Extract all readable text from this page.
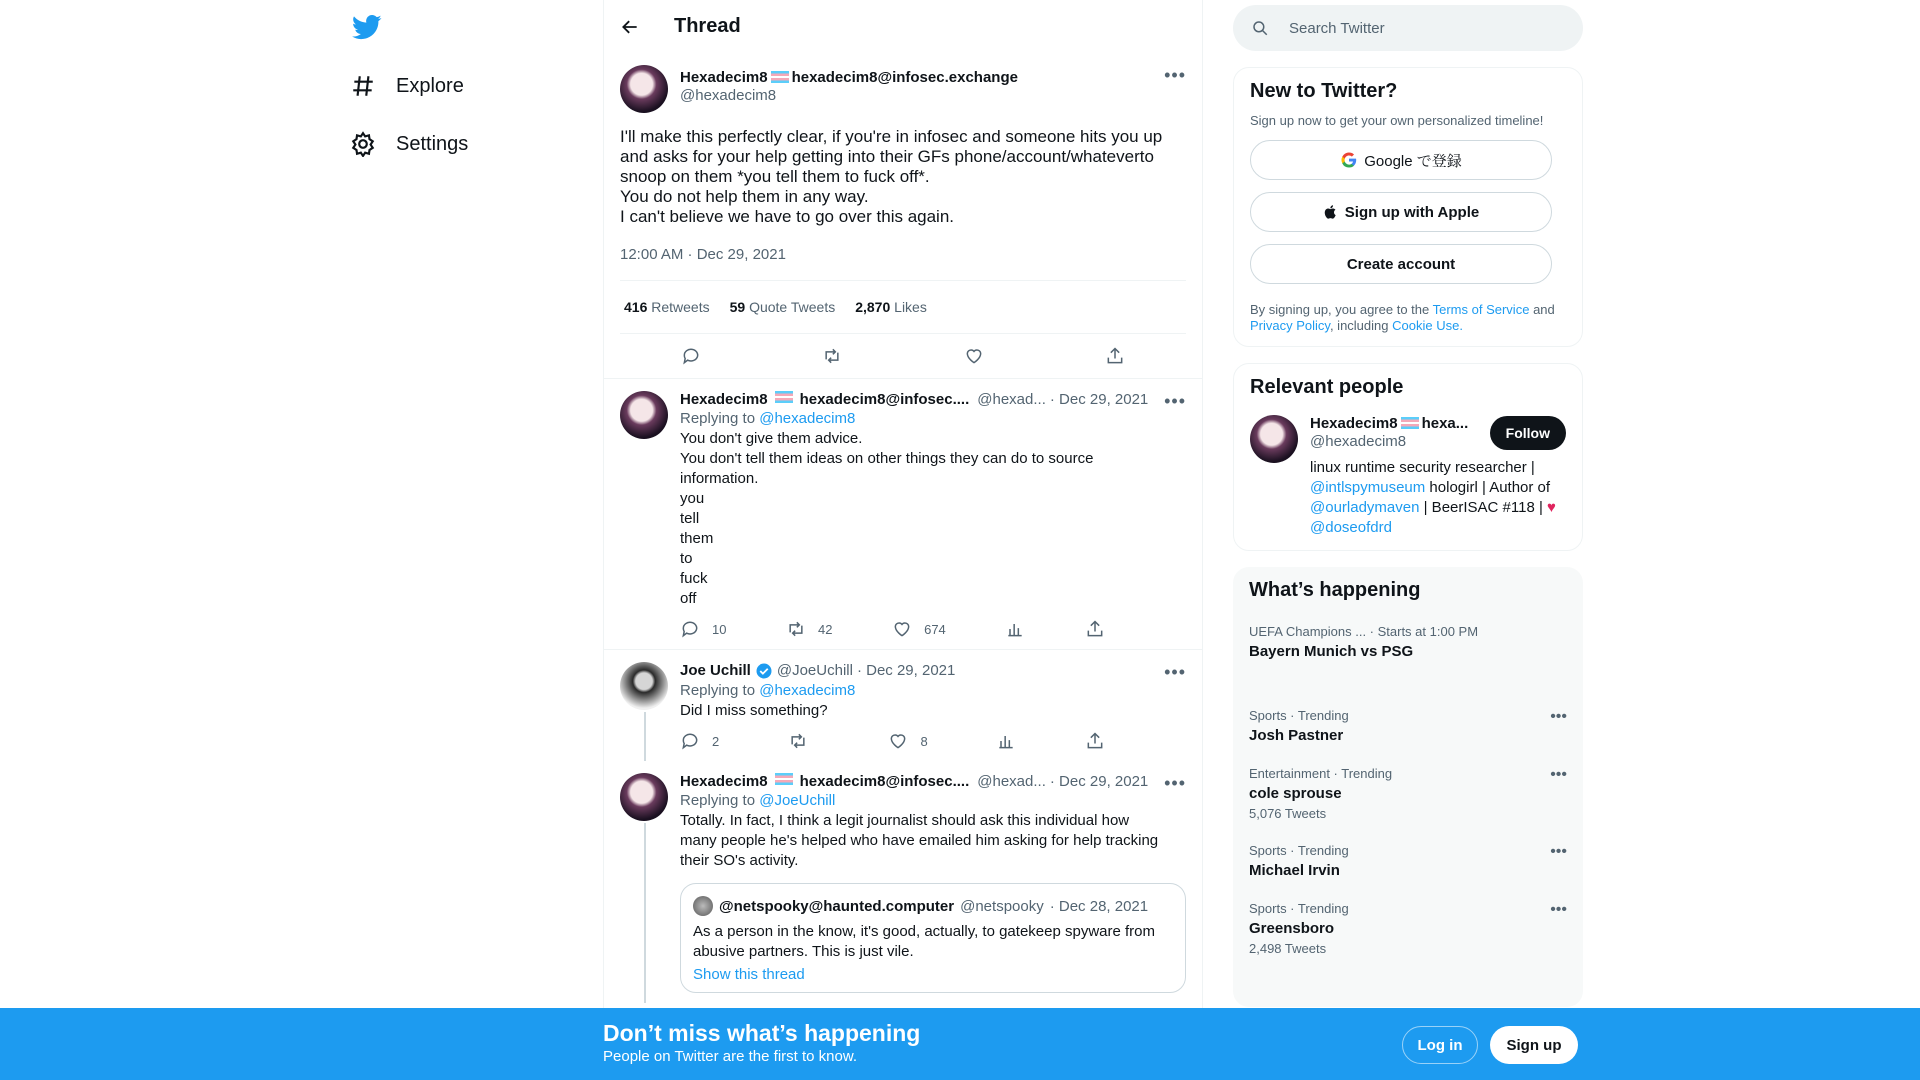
Explore
Settings
Thread
Hexadecim8 hexadecim8@infosec.exchange
@hexadecim8
•••
I'll make this perfectly clear, if you're in infosec and someone hits you up
and asks for your help getting into their GFs phone/account/whateverto
snoop on them *you tell them to fuck off*.
You do not help them in any way.
I can't believe we have to go over this again.
12:00 AM · Dec 29, 2021
416 Retweets 59 Quote Tweets 2,870 Likes
Hexadecim8 hexadecim8@infosec.... @hexad... · Dec 29, 2021 •••
Replying to @hexadecim8
You don't give them advice.
You don't tell them ideas on other things they can do to source
information.
you
tell
them
to
fuck
off
10	42	674
Joe Uchill @JoeUchill · Dec 29, 2021	•••
Replying to @hexadecim8
Did I miss something?
2	8
Hexadecim8 hexadecim8@infosec.... @hexad... · Dec 29, 2021 •••
Replying to @JoeUchill
Totally. In fact, I think a legit journalist should ask this individual how
many people he's helped who have emailed him asking for help tracking
their SO's activity.
@netspooky@haunted.computer @netspooky · Dec 28, 2021
As a person in the know, it's good, actually, to gatekeep spyware from
abusive partners. This is just vile.
Show this thread
Search Twitter
New to Twitter?
Sign up now to get your own personalized timeline!
Google で登録
Sign up with Apple
Create account
By signing up, you agree to the Terms of Service and
Privacy Policy, including Cookie Use.
Relevant people
Hexadecim8 hexa...
@hexadecim8
Follow
linux runtime security researcher | @intlspymuseum hologirl | Author of @ourladymaven | BeerISAC #118 | ♥ @doseofdrd
What’s happening
UEFA Champions ... · Starts at 1:00 PM
Bayern Munich vs PSG
Sports · Trending
Josh Pastner
•••
Entertainment · Trending
cole sprouse
5,076 Tweets
•••
Sports · Trending
Michael Irvin
•••
Sports · Trending
Greensboro
2,498 Tweets
•••
Don’t miss what’s happening
People on Twitter are the first to know.
Log in	Sign up
